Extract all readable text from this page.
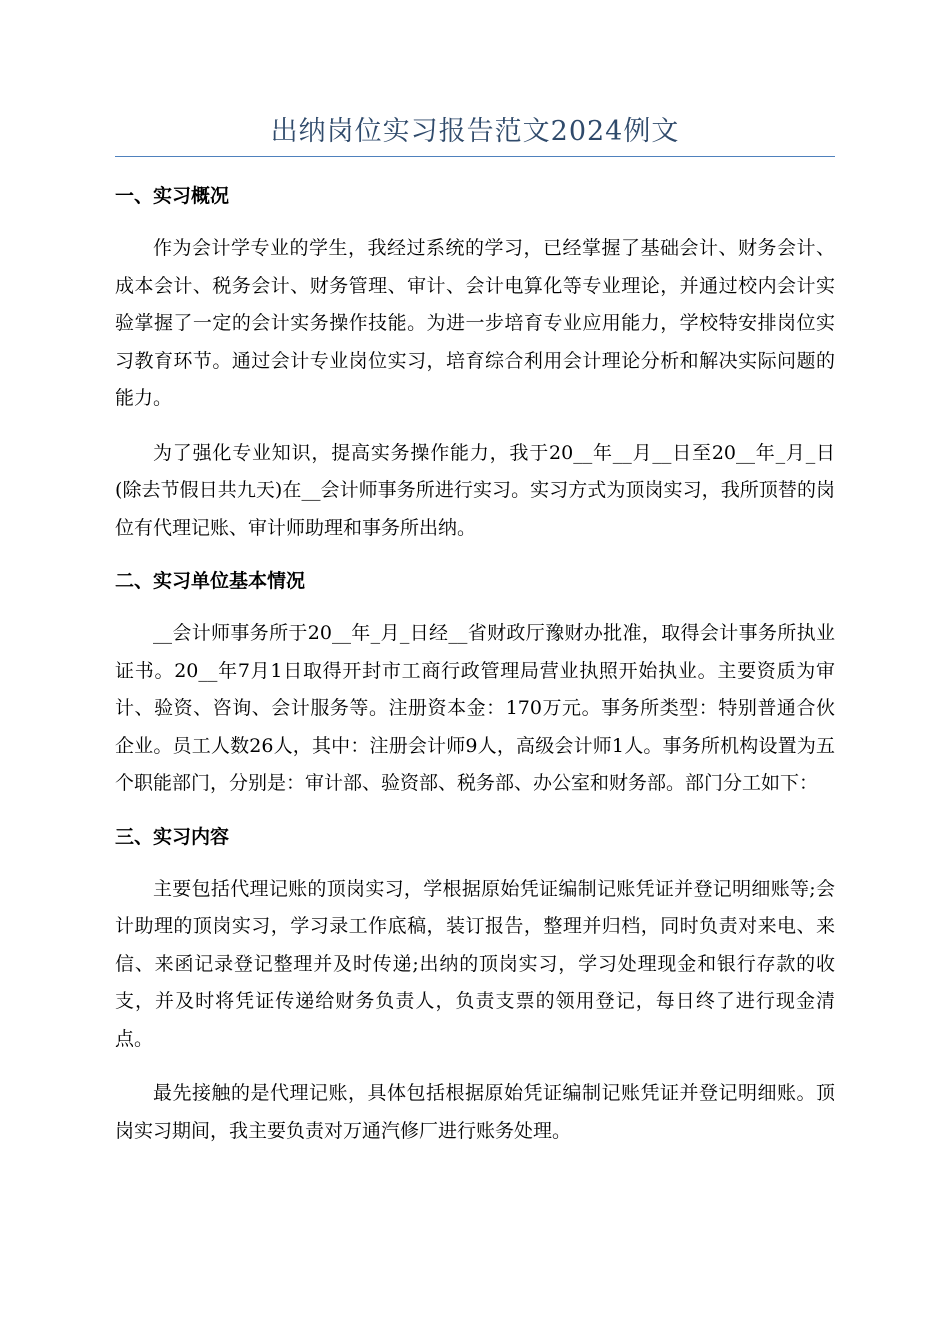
出纳岗位实习报告范文2024例文
一、实习概况

作为会计学专业的学生，我经过系统的学习，已经掌握了基础会计、财务会计、成本会计、税务会计、财务管理、审计、会计电算化等专业理论，并通过校内会计实验掌握了一定的会计实务操作技能。为进一步培育专业应用能力，学校特安排岗位实习教育环节。通过会计专业岗位实习，培育综合利用会计理论分析和解决实际问题的能力。

为了强化专业知识，提高实务操作能力，我于20__年__月__日至20__年_月_日(除去节假日共九天)在__会计师事务所进行实习。实习方式为顶岗实习，我所顶替的岗位有代理记账、审计师助理和事务所出纳。

二、实习单位基本情况

__会计师事务所于20__年_月_日经__省财政厅豫财办批准，取得会计事务所执业证书。20__年7月1日取得开封市工商行政管理局营业执照开始执业。主要资质为审计、验资、咨询、会计服务等。注册资本金：170万元。事务所类型：特别普通合伙企业。员工人数26人，其中：注册会计师9人，高级会计师1人。事务所机构设置为五个职能部门，分别是：审计部、验资部、税务部、办公室和财务部。部门分工如下：

三、实习内容

主要包括代理记账的顶岗实习，学根据原始凭证编制记账凭证并登记明细账等;会计助理的顶岗实习，学习录工作底稿，装订报告，整理并归档，同时负责对来电、来信、来函记录登记整理并及时传递;出纳的顶岗实习，学习处理现金和银行存款的收支，并及时将凭证传递给财务负责人，负责支票的领用登记，每日终了进行现金清点。

最先接触的是代理记账，具体包括根据原始凭证编制记账凭证并登记明细账。顶岗实习期间，我主要负责对万通汽修厂进行账务处理。
